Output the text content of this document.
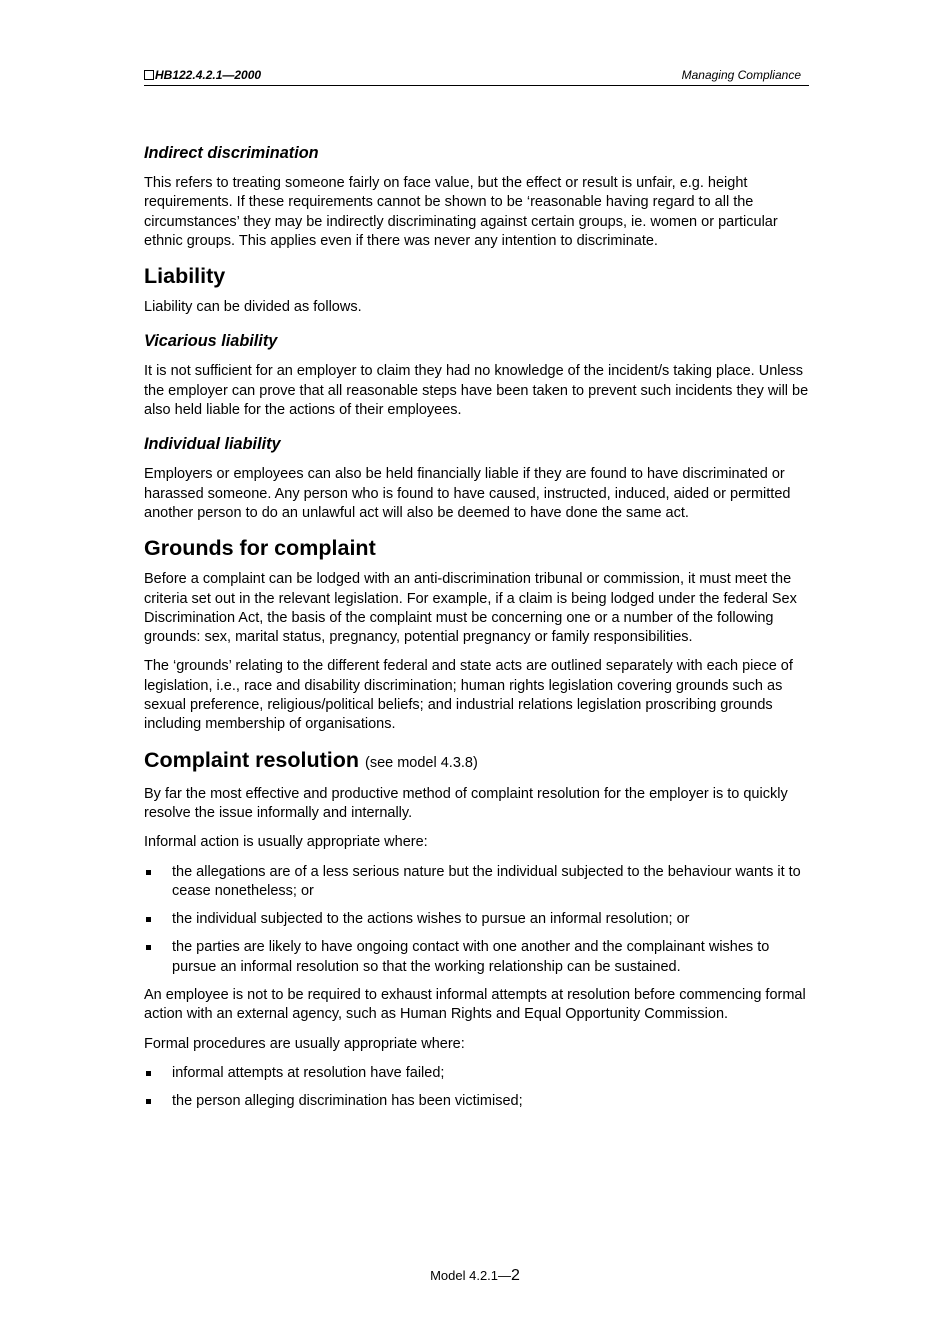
HB122.4.2.1—2000	Managing Compliance
Indirect discrimination

This refers to treating someone fairly on face value, but the effect or result is unfair, e.g. height requirements. If these requirements cannot be shown to be ‘reasonable having regard to all the circumstances’ they may be indirectly discriminating against certain groups, ie. women or particular ethnic groups. This applies even if there was never any intention to discriminate.

Liability

Liability can be divided as follows.

Vicarious liability

It is not sufficient for an employer to claim they had no knowledge of the incident/s taking place. Unless the employer can prove that all reasonable steps have been taken to prevent such incidents they will be also held liable for the actions of their employees.

Individual liability

Employers or employees can also be held financially liable if they are found to have discriminated or harassed someone. Any person who is found to have caused, instructed, induced, aided or permitted another person to do an unlawful act will also be deemed to have done the same act.

Grounds for complaint

Before a complaint can be lodged with an anti-discrimination tribunal or commission, it must meet the criteria set out in the relevant legislation. For example, if a claim is being lodged under the federal Sex Discrimination Act, the basis of the complaint must be concerning one or a number of the following grounds: sex, marital status, pregnancy, potential pregnancy or family responsibilities.

The ‘grounds’ relating to the different federal and state acts are outlined separately with each piece of legislation, i.e., race and disability discrimination; human rights legislation covering grounds such as sexual preference, religious/political beliefs; and industrial relations legislation proscribing grounds including membership of organisations.

Complaint resolution (see model 4.3.8)

By far the most effective and productive method of complaint resolution for the employer is to quickly resolve the issue informally and internally.

Informal action is usually appropriate where:

the allegations are of a less serious nature but the individual subjected to the behaviour wants it to cease nonetheless; or
the individual subjected to the actions wishes to pursue an informal resolution; or
the parties are likely to have ongoing contact with one another and the complainant wishes to pursue an informal resolution so that the working relationship can be sustained.

An employee is not to be required to exhaust informal attempts at resolution before commencing formal action with an external agency, such as Human Rights and Equal Opportunity Commission.

Formal procedures are usually appropriate where:

informal attempts at resolution have failed;
the person alleging discrimination has been victimised;
Model 4.2.1—2
